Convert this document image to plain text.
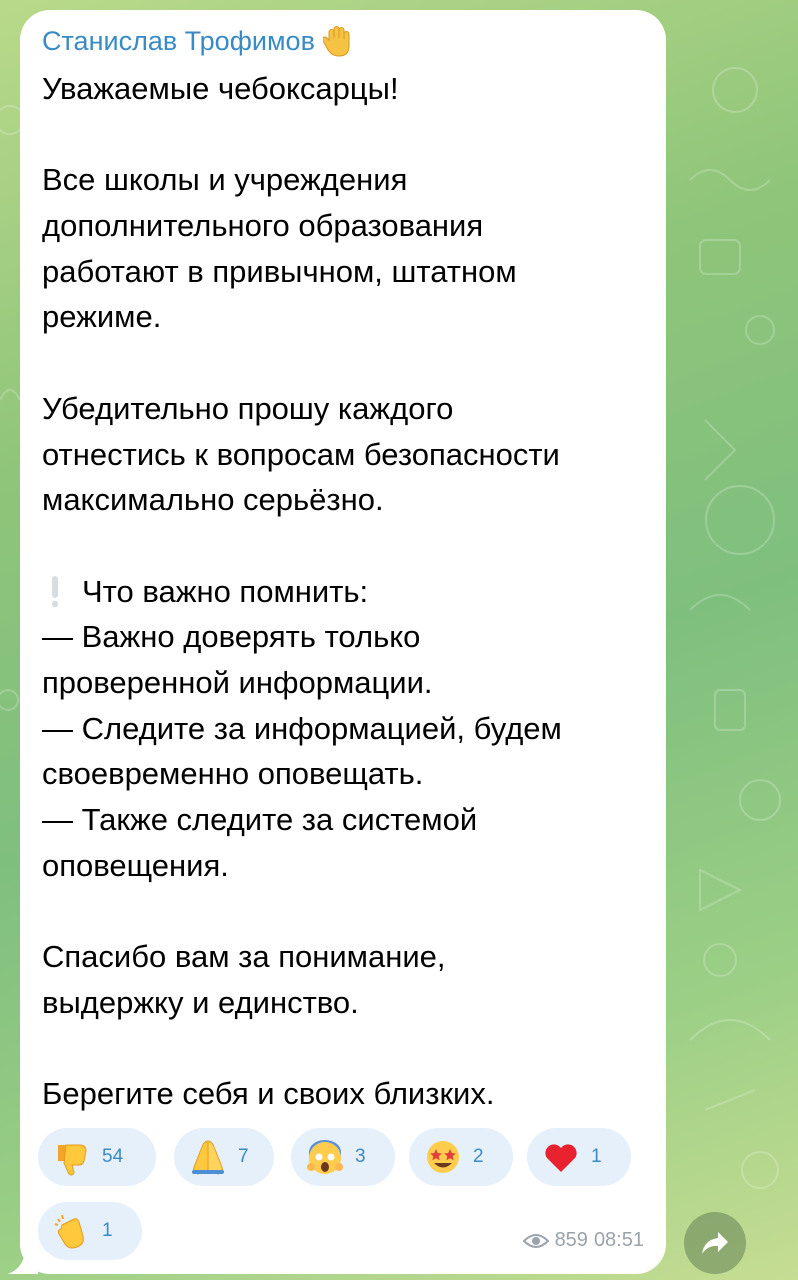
Станислав Трофимов
Уважаемые чебоксарцы!
Все школы и учреждения
дополнительного образования
работают в привычном, штатном
режиме.
Убедительно прошу каждого
отнестись к вопросам безопасности
максимально серьёзно.
Что важно помнить:
— Важно доверять только
проверенной информации.
— Следите за информацией, будем
своевременно оповещать.
— Также следите за системой
оповещения.
Спасибо вам за понимание,
выдержку и единство.
Берегите себя и своих близких.
54	7	3	2	1
1	859 08:51
